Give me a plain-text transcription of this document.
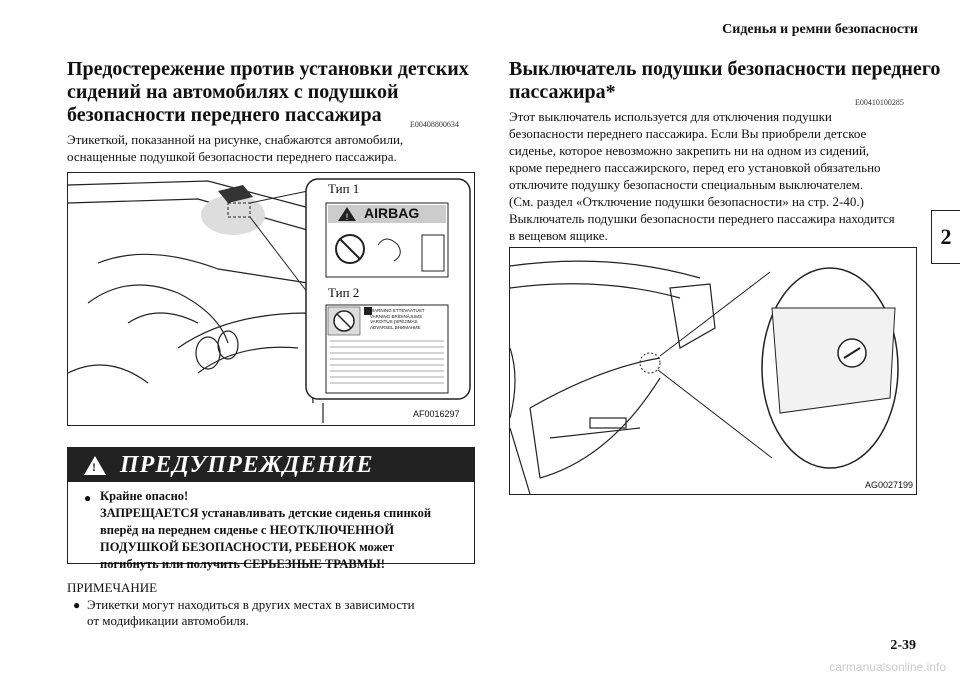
Сиденья и ремни безопасности
2
Предостережение против установки детских
сидений на автомобилях с подушкой
безопасности переднего пассажира	E00408800634
Этикеткой, показанной на рисунке, снабжаются автомобили,
оснащенные подушкой безопасности переднего пассажира.
!
Тип 1
AIRBAG
Тип 2
WARNING ETTEVAATUST
VARNING BRĪDINĀJUMS
VAROITUS ĮSPĖJIMAS
ADVARSEL ВНИМАНИЕ
AF0016297
! ПРЕДУПРЕЖДЕНИЕ
● Крайне опасно!
ЗАПРЕЩАЕТСЯ устанавливать детские сиденья спинкой
вперёд на переднем сиденье с НЕОТКЛЮЧЕННОЙ
ПОДУШКОЙ БЕЗОПАСНОСТИ, РЕБЕНОК может
погибнуть или получить СЕРЬЕЗНЫЕ ТРАВМЫ!
ПРИМЕЧАНИЕ
● Этикетки могут находиться в других местах в зависимости
от модификации автомобиля.
Выключатель подушки безопасности переднего
пассажира*	E00410100285
Этот выключатель используется для отключения подушки
безопасности переднего пассажира. Если Вы приобрели детское
сиденье, которое невозможно закрепить ни на одном из сидений,
кроме переднего пассажирского, перед его установкой обязательно
отключите подушку безопасности специальным выключателем.
(См. раздел «Отключение подушки безопасности» на стр. 2-40.)
Выключатель подушки безопасности переднего пассажира находится
в вещевом ящике.
AG0027199
2-39
carmanualsonline.info
